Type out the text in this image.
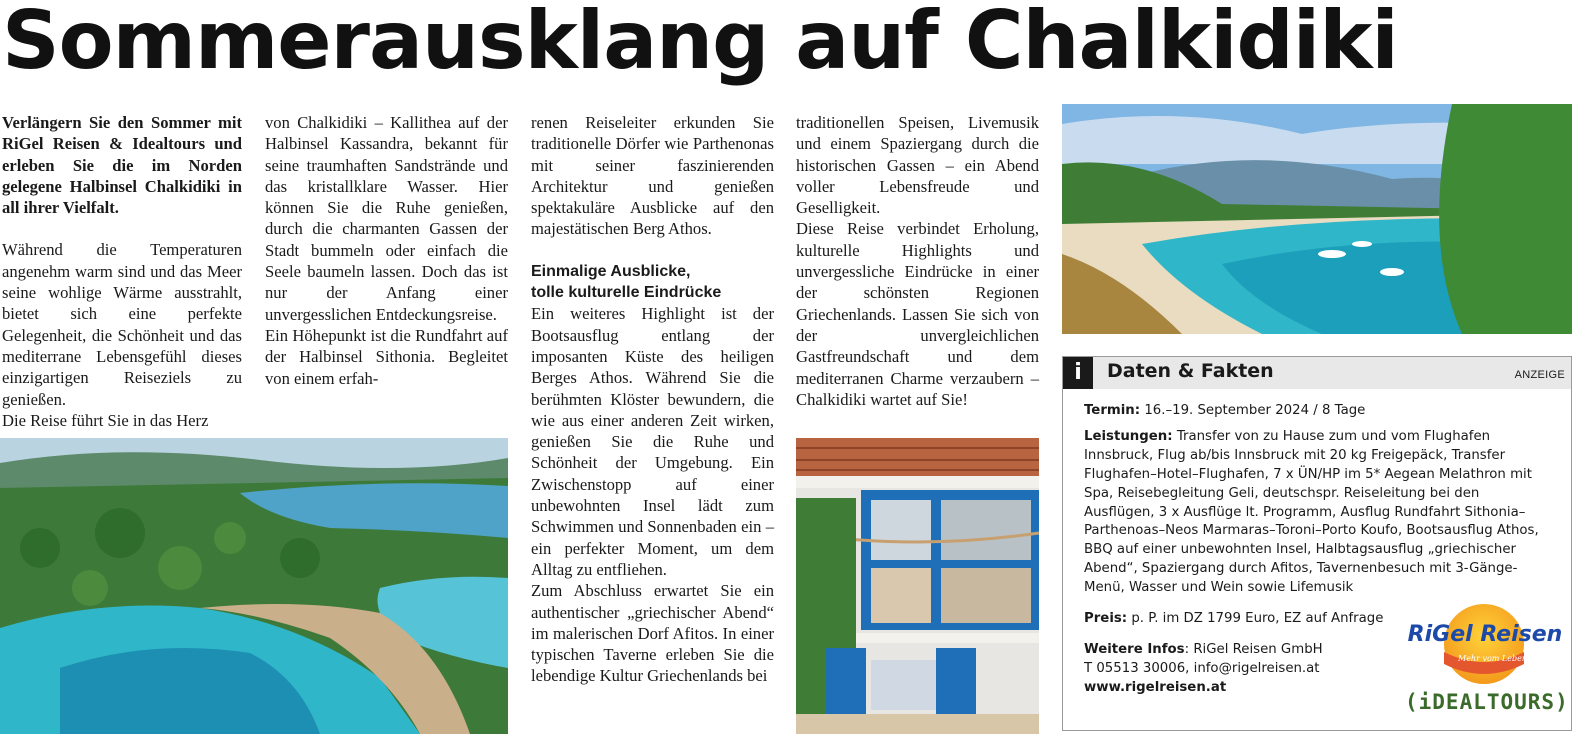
Sommerausklang auf Chalkidiki

Verlängern Sie den Sommer mit RiGel Reisen & Idealtours und erleben Sie die im Norden gelegene Halbinsel Chalkidiki in all ihrer Vielfalt.

Während die Temperaturen angenehm warm sind und das Meer seine wohlige Wärme ausstrahlt, bietet sich eine perfekte Gelegenheit, die Schönheit und das mediterrane Lebensgefühl dieses einzigartigen Reiseziels zu genießen.

Die Reise führt Sie in das Herz

von Chalkidiki – Kallithea auf der Halbinsel Kassandra, bekannt für seine traumhaften Sandstrände und das kristallklare Wasser. Hier können Sie die Ruhe genießen, durch die charmanten Gassen der Stadt bummeln oder einfach die Seele baumeln lassen. Doch das ist nur der Anfang einer unvergesslichen Entdeckungsreise.

Ein Höhepunkt ist die Rundfahrt auf der Halbinsel Sithonia. Begleitet von einem erfah-

renen Reiseleiter erkunden Sie traditionelle Dörfer wie Parthenonas mit seiner faszinierenden Architektur und genießen spektakuläre Ausblicke auf den majestätischen Berg Athos.

Einmalige Ausblicke,
tolle kulturelle Eindrücke

Ein weiteres Highlight ist der Bootsausflug entlang der imposanten Küste des heiligen Berges Athos. Während Sie die berühmten Klöster bewundern, die wie aus einer anderen Zeit wirken, genießen Sie die Ruhe und Schönheit der Umgebung. Ein Zwischenstopp auf einer unbewohnten Insel lädt zum Schwimmen und Sonnenbaden ein – ein perfekter Moment, um dem Alltag zu entfliehen.

Zum Abschluss erwartet Sie ein authentischer „griechischer Abend“ im malerischen Dorf Afitos. In einer typischen Taverne erleben Sie die lebendige Kultur Griechenlands bei

traditionellen Speisen, Livemusik und einem Spaziergang durch die historischen Gassen – ein Abend voller Lebensfreude und Geselligkeit.

Diese Reise verbindet Erholung, kulturelle Highlights und unvergessliche Eindrücke in einer der schönsten Regionen Griechenlands. Lassen Sie sich von der unvergleichlichen Gastfreundschaft und dem mediterranen Charme verzaubern – Chalkidiki wartet auf Sie!

i	Daten & Fakten	ANZEIGE

Termin: 16.–19. September 2024 / 8 Tage

Leistungen: Transfer von zu Hause zum und vom Flughafen Innsbruck, Flug ab/bis Innsbruck mit 20 kg Freigepäck, Transfer Flughafen–Hotel–Flughafen, 7 x ÜN/HP im 5* Aegean Melathron mit Spa, Reisebegleitung Geli, deutschspr. Reiseleitung bei den Ausflügen, 3 x Ausflüge lt. Programm, Ausflug Rundfahrt Sithonia–Parthenoas–Neos Marmaras–Toroni–Porto Koufo, Bootsausflug Athos, BBQ auf einer unbewohnten Insel, Halbtagsausflug „griechischer Abend“, Spaziergang durch Afitos, Tavernenbesuch mit 3-Gänge-Menü, Wasser und Wein sowie Lifemusik

Preis: p. P. im DZ 1799 Euro, EZ auf Anfrage

Weitere Infos: RiGel Reisen GmbH

T 05513 30006, info@rigelreisen.at

www.rigelreisen.at

RiGel Reisen
Mehr vom Leben!
(iDEALTOURS)
